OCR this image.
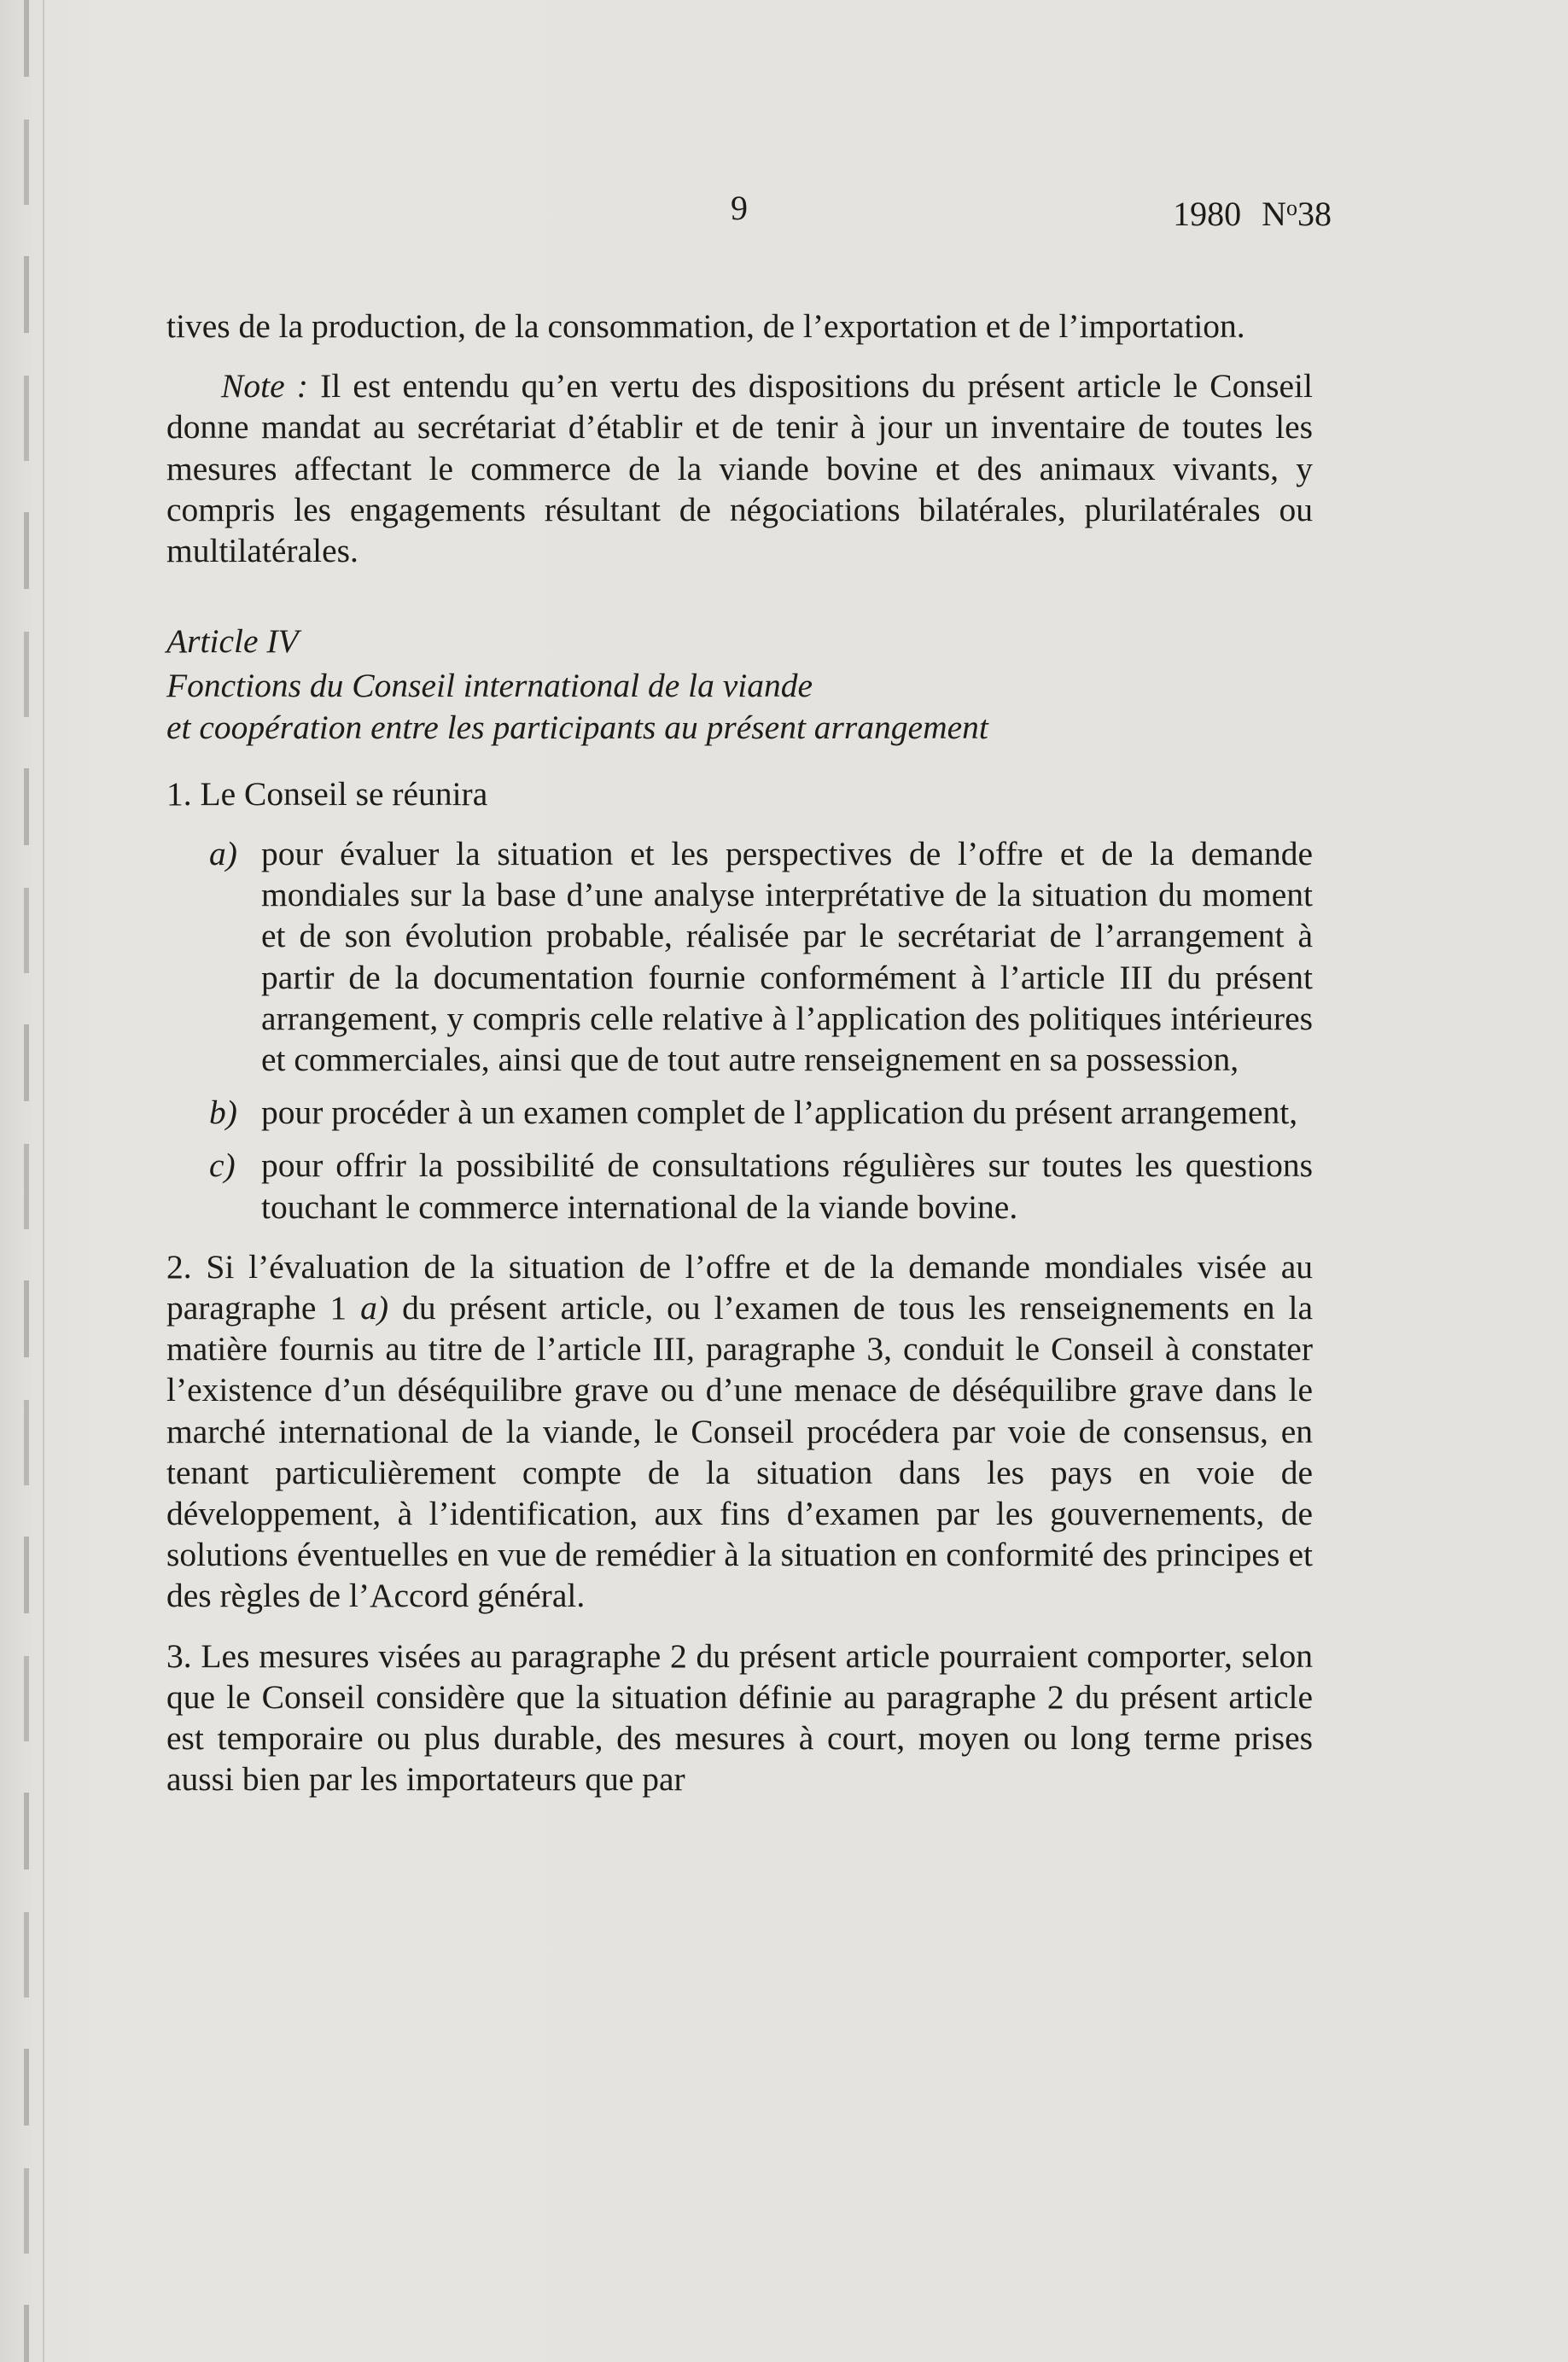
9	1980 $N^o38$

tives de la production, de la consommation, de l’exportation et de l’importation.

Note : Il est entendu qu’en vertu des dispositions du présent article le Conseil donne mandat au secrétariat d’établir et de tenir à jour un inventaire de toutes les mesures affectant le commerce de la viande bovine et des animaux vivants, y compris les engagements résultant de négociations bilatérales, plurilatérales ou multilatérales.

Article IV

Fonctions du Conseil international de la viande

et coopération entre les participants au présent arrangement

1. Le Conseil se réunira

a) pour évaluer la situation et les perspectives de l’offre et de la demande mondiales sur la base d’une analyse interprétative de la situation du moment et de son évolution probable, réalisée par le secrétariat de l’arrangement à partir de la documentation fournie conformément à l’article III du présent arrangement, y compris celle relative à l’application des politiques intérieures et commerciales, ainsi que de tout autre renseignement en sa possession,
b) pour procéder à un examen complet de l’application du présent arrangement,
c) pour offrir la possibilité de consultations régulières sur toutes les questions touchant le commerce international de la viande bovine.

2. Si l’évaluation de la situation de l’offre et de la demande mondiales visée au paragraphe 1 a) du présent article, ou l’examen de tous les renseignements en la matière fournis au titre de l’article III, paragraphe 3, conduit le Conseil à constater l’existence d’un déséquilibre grave ou d’une menace de déséquilibre grave dans le marché international de la viande, le Conseil procédera par voie de consensus, en tenant particulièrement compte de la situation dans les pays en voie de développement, à l’identification, aux fins d’examen par les gouvernements, de solutions éventuelles en vue de remédier à la situation en conformité des principes et des règles de l’Accord général.

3. Les mesures visées au paragraphe 2 du présent article pourraient comporter, selon que le Conseil considère que la situation définie au paragraphe 2 du présent article est temporaire ou plus durable, des mesures à court, moyen ou long terme prises aussi bien par les importateurs que par
